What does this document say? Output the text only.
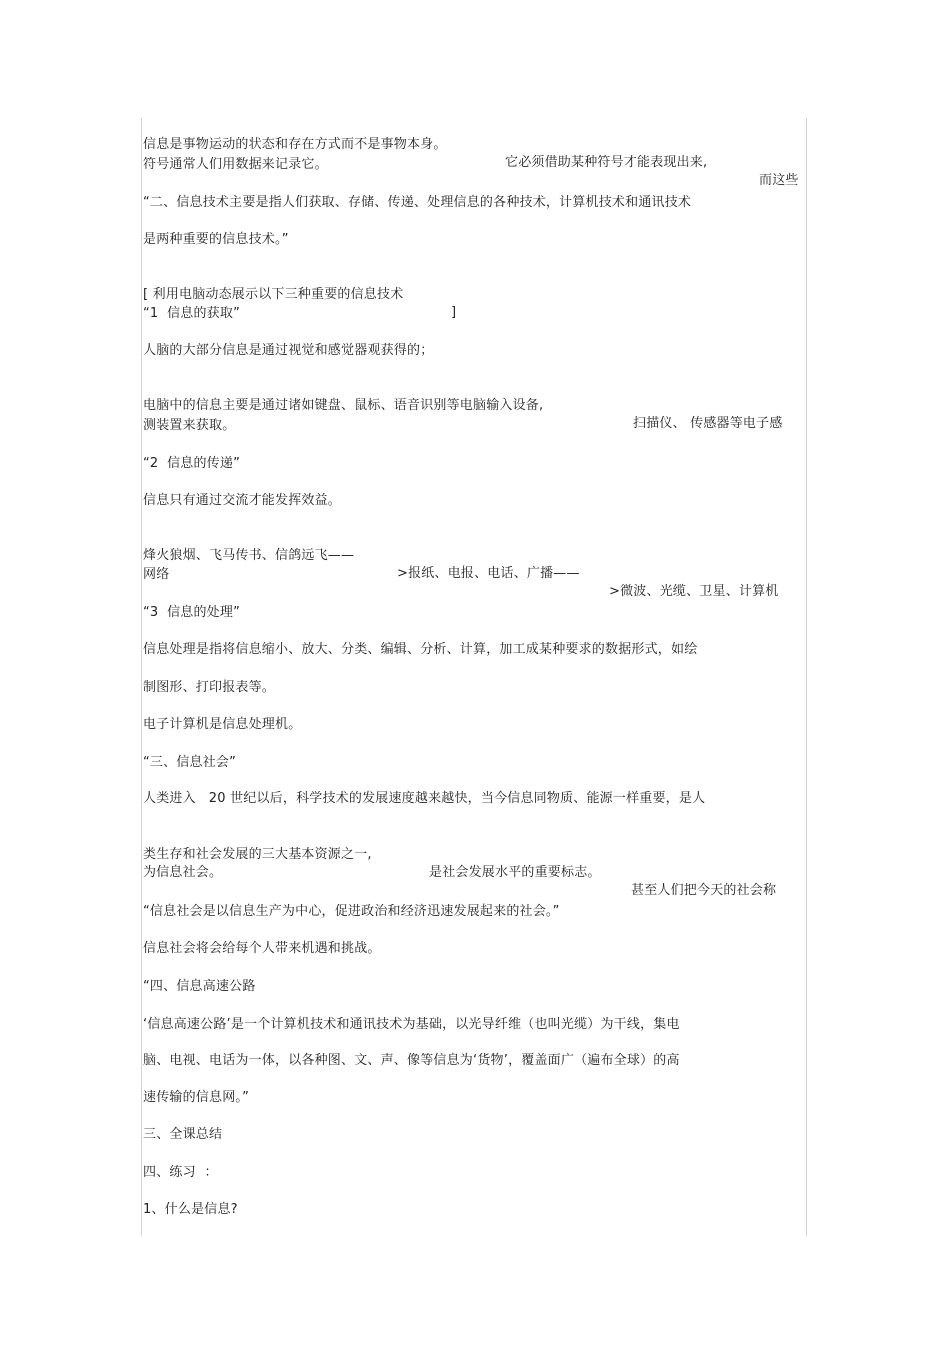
信息是事物运动的状态和存在方式而不是事物本身。

它必须借助某种符号才能表现出来,

而这些

符号通常人们用数据来记录它。
“二、信息技术主要是指人们获取、存储、传递、处理信息的各种技术，计算机技术和通讯技术
是两种重要的信息技术。”

[ 利用电脑动态展示以下三种重要的信息技术

]

“1  信息的获取”
人脑的大部分信息是通过视觉和感觉器观获得的；

电脑中的信息主要是通过诸如键盘、鼠标、语音识别等电脑输入设备,

扫描仪、 传感器等电子感

测装置来获取。
“2  信息的传递”
信息只有通过交流才能发挥效益。

烽火狼烟、飞马传书、信鸽远飞——

>报纸、电报、电话、广播——

>微波、光缆、卫星、计算机

网络
“3  信息的处理”
信息处理是指将信息缩小、放大、分类、编辑、分析、计算，加工成某种要求的数据形式，如绘
制图形、打印报表等。
电子计算机是信息处理机。
“三、信息社会”
人类进入   20 世纪以后，科学技术的发展速度越来越快，当今信息同物质、能源一样重要，是人

类生存和社会发展的三大基本资源之一,

是社会发展水平的重要标志。

甚至人们把今天的社会称

为信息社会。
“信息社会是以信息生产为中心，促进政治和经济迅速发展起来的社会。”
信息社会将会给每个人带来机遇和挑战。
“四、信息高速公路
‘信息高速公路’是一个计算机技术和通讯技术为基础，以光导纤维（也叫光缆）为干线，集电
脑、电视、电话为一体，以各种图、文、声、像等信息为‘货物’，覆盖面广（遍布全球）的高
速传输的信息网。”
三、全课总结
四、练习  ：
1、什么是信息?
